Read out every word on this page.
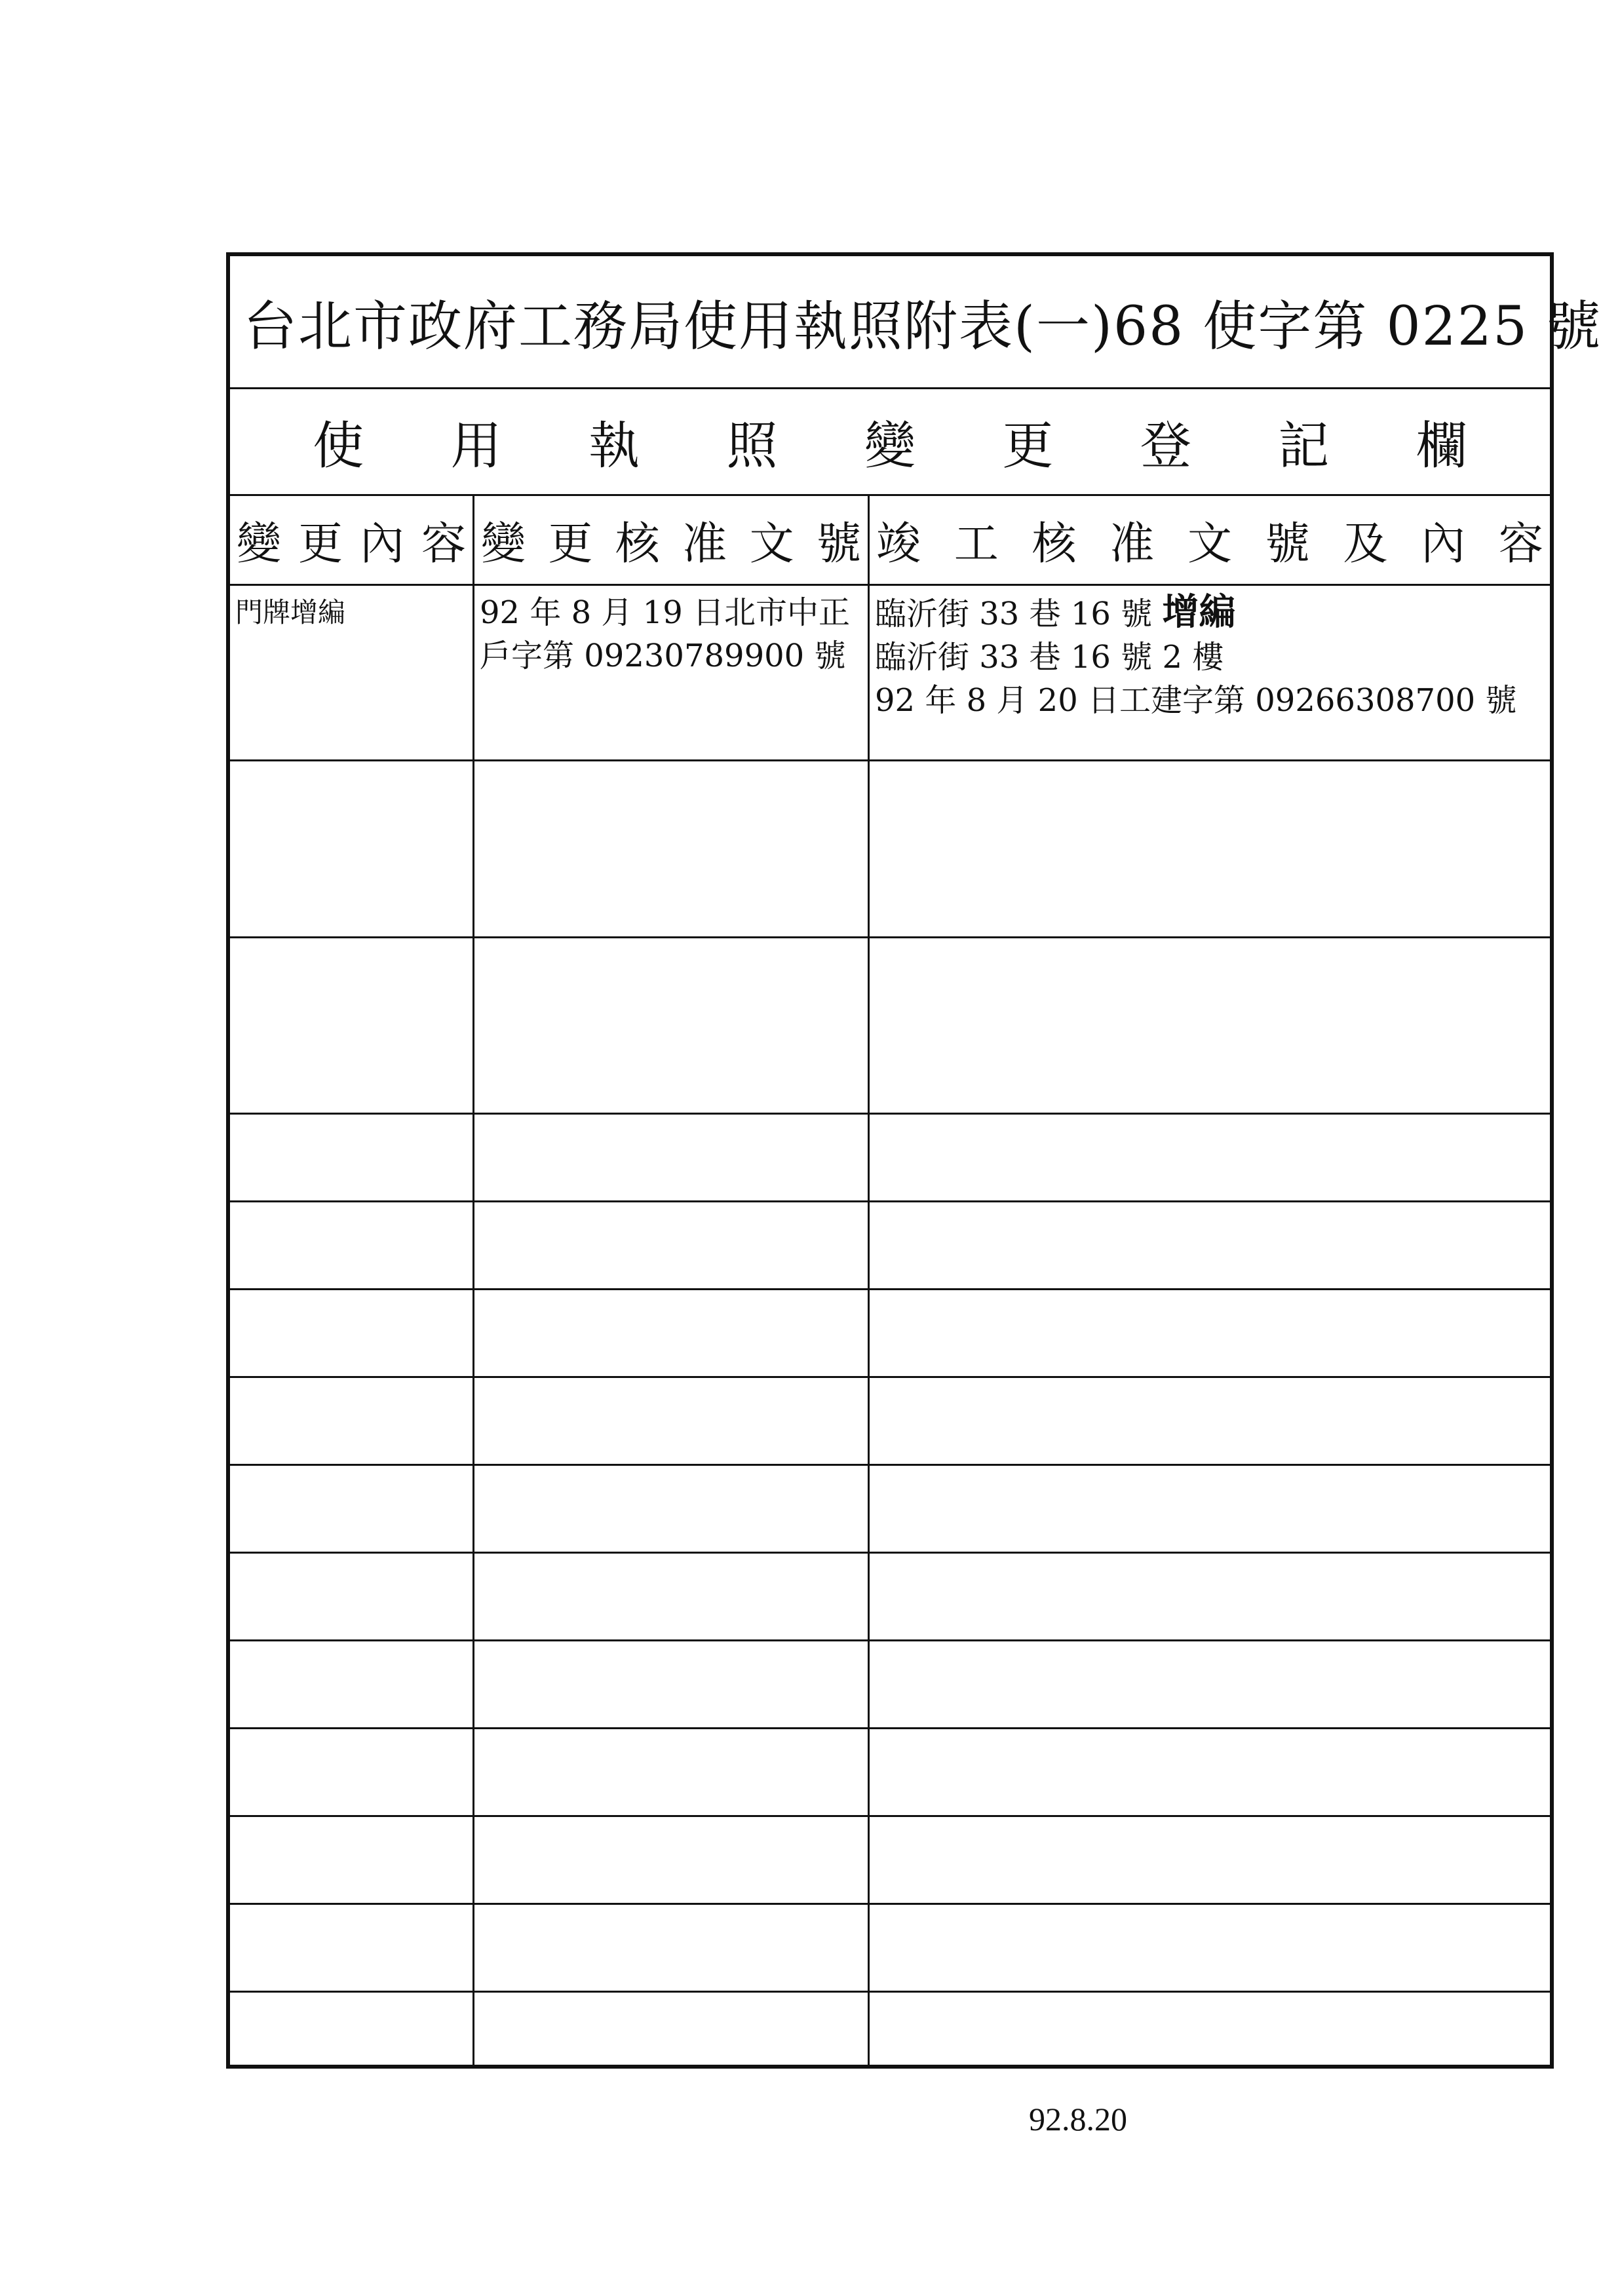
台北市政府工務局使用執照附表(一)68 使字第 0225 號
使 用 執 照 變 更 登 記 欄
變 更 內 容 變 更 核 准 文 號 竣 工 核 准 文 號 及 內 容
門牌增編	92 年 8 月 19 日北市中正
戶字第 09230789900 號
臨沂街 33 巷 16 號 增編
臨沂街 33 巷 16 號 2 樓
92 年 8 月 20 日工建字第 09266308700 號
92.8.20
